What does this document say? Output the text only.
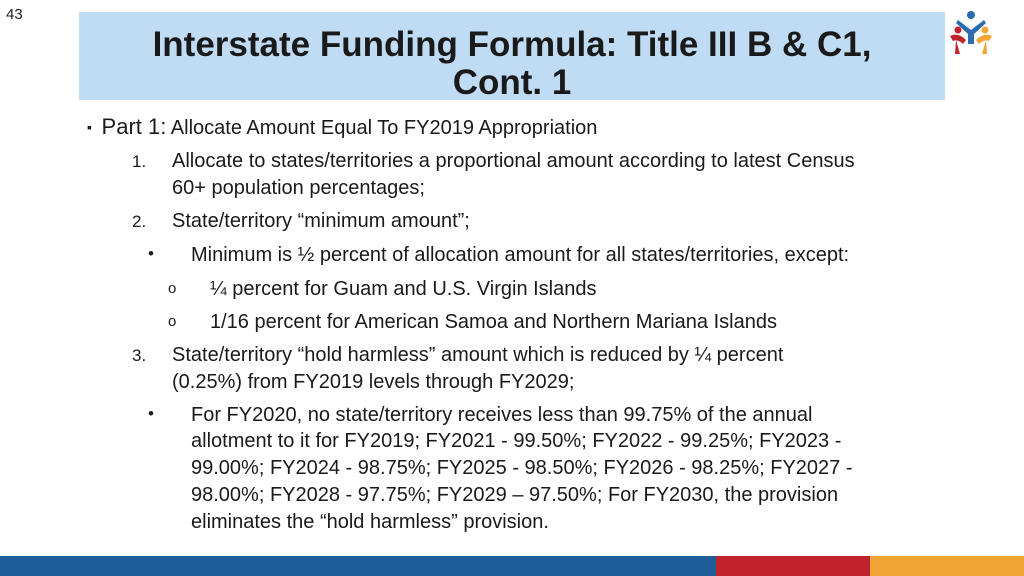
43
Interstate Funding Formula: Title III B & C1,
Cont. 1
▪ Part 1: Allocate Amount Equal To FY2019 Appropriation
1. Allocate to states/territories a proportional amount according to latest Census
60+ population percentages;
2. State/territory “minimum amount”;
• Minimum is ½ percent of allocation amount for all states/territories, except:
o ¼ percent for Guam and U.S. Virgin Islands
o 1/16 percent for American Samoa and Northern Mariana Islands
3. State/territory “hold harmless” amount which is reduced by ¼ percent
(0.25%) from FY2019 levels through FY2029;
• For FY2020, no state/territory receives less than 99.75% of the annual
allotment to it for FY2019; FY2021 - 99.50%; FY2022 - 99.25%; FY2023 -
99.00%; FY2024 - 98.75%; FY2025 - 98.50%; FY2026 - 98.25%; FY2027 -
98.00%; FY2028 - 97.75%; FY2029 – 97.50%; For FY2030, the provision
eliminates the “hold harmless” provision.
